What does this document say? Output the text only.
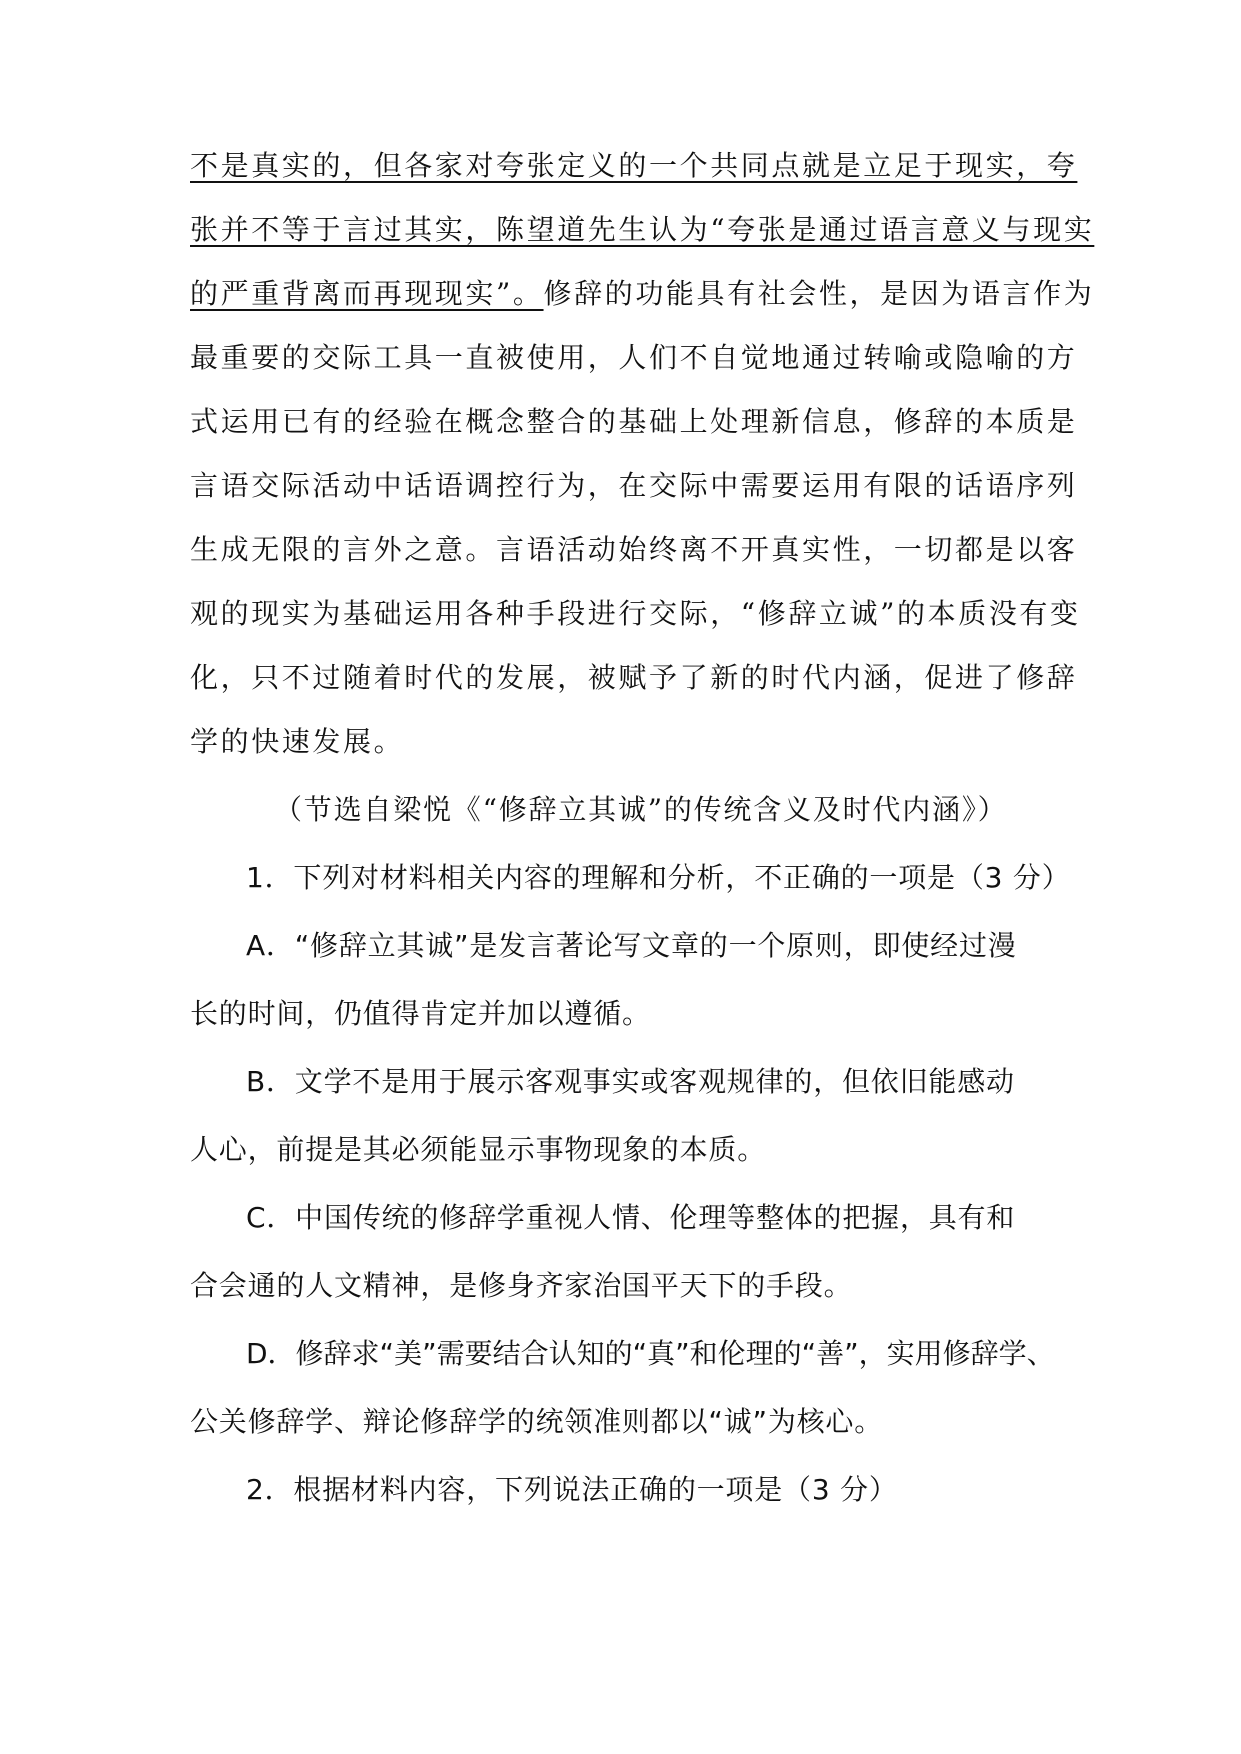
不是真实的，但各家对夸张定义的一个共同点就是立足于现实，夸
张并不等于言过其实，陈望道先生认为“夸张是通过语言意义与现实
的严重背离而再现现实”。修辞的功能具有社会性，是因为语言作为
最重要的交际工具一直被使用，人们不自觉地通过转喻或隐喻的方
式运用已有的经验在概念整合的基础上处理新信息，修辞的本质是
言语交际活动中话语调控行为，在交际中需要运用有限的话语序列
生成无限的言外之意。言语活动始终离不开真实性，一切都是以客
观的现实为基础运用各种手段进行交际，“修辞立诚”的本质没有变
化，只不过随着时代的发展，被赋予了新的时代内涵，促进了修辞
学的快速发展。
（节选自梁悦《“修辞立其诚”的传统含义及时代内涵》）
1．下列对材料相关内容的理解和分析，不正确的一项是（3 分）
A．“修辞立其诚”是发言著论写文章的一个原则，即使经过漫
长的时间，仍值得肯定并加以遵循。
B．文学不是用于展示客观事实或客观规律的，但依旧能感动
人心，前提是其必须能显示事物现象的本质。
C．中国传统的修辞学重视人情、伦理等整体的把握，具有和
合会通的人文精神，是修身齐家治国平天下的手段。
D．修辞求“美”需要结合认知的“真”和伦理的“善”，实用修辞学、
公关修辞学、辩论修辞学的统领准则都以“诚”为核心。
2．根据材料内容，下列说法正确的一项是（3 分）
